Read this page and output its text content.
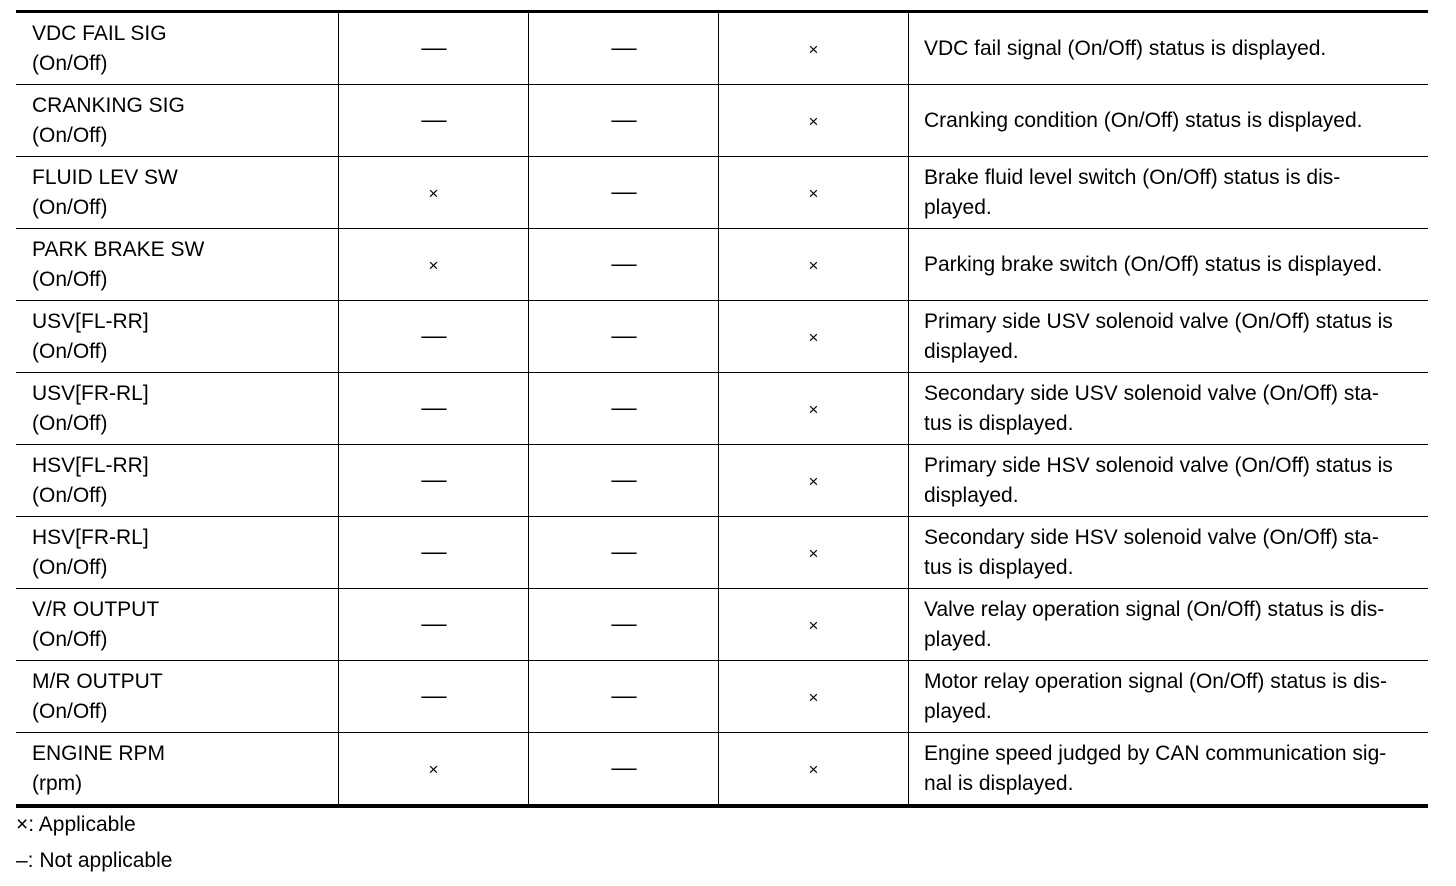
VDC FAIL SIG
(On/Off)	—	—	×	VDC fail signal (On/Off) status is displayed.

CRANKING SIG
(On/Off)	—	—	×	Cranking condition (On/Off) status is displayed.

FLUID LEV SW
(On/Off)	×	—	×	Brake fluid level switch (On/Off) status is dis-
played.

PARK BRAKE SW
(On/Off)	×	—	×	Parking brake switch (On/Off) status is displayed.

USV[FL-RR]
(On/Off)	—	—	×	Primary side USV solenoid valve (On/Off) status is
displayed.

USV[FR-RL]
(On/Off)	—	—	×	Secondary side USV solenoid valve (On/Off) sta-
tus is displayed.

HSV[FL-RR]
(On/Off)	—	—	×	Primary side HSV solenoid valve (On/Off) status is
displayed.

HSV[FR-RL]
(On/Off)	—	—	×	Secondary side HSV solenoid valve (On/Off) sta-
tus is displayed.

V/R OUTPUT
(On/Off)	—	—	×	Valve relay operation signal (On/Off) status is dis-
played.

M/R OUTPUT
(On/Off)	—	—	×	Motor relay operation signal (On/Off) status is dis-
played.

ENGINE RPM
(rpm)	×	—	×	Engine speed judged by CAN communication sig-
nal is displayed.
×: Applicable
–: Not applicable
